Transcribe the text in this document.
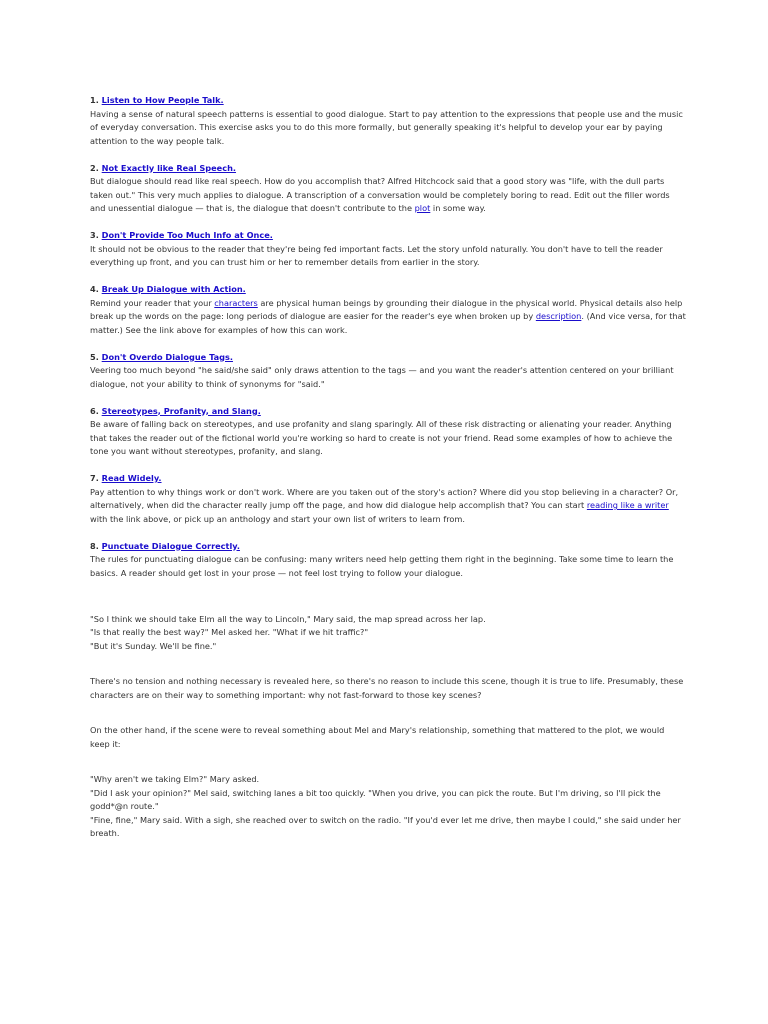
1. Listen to How People Talk.

Having a sense of natural speech patterns is essential to good dialogue. Start to pay attention to the expressions that people use and the music of everyday conversation. This exercise asks you to do this more formally, but generally speaking it's helpful to develop your ear by paying attention to the way people talk.

2. Not Exactly like Real Speech.

But dialogue should read like real speech. How do you accomplish that? Alfred Hitchcock said that a good story was "life, with the dull parts taken out." This very much applies to dialogue. A transcription of a conversation would be completely boring to read. Edit out the filler words and unessential dialogue — that is, the dialogue that doesn't contribute to the plot in some way.

3. Don't Provide Too Much Info at Once.

It should not be obvious to the reader that they're being fed important facts. Let the story unfold naturally. You don't have to tell the reader everything up front, and you can trust him or her to remember details from earlier in the story.

4. Break Up Dialogue with Action.

Remind your reader that your characters are physical human beings by grounding their dialogue in the physical world. Physical details also help break up the words on the page: long periods of dialogue are easier for the reader's eye when broken up by description. (And vice versa, for that matter.) See the link above for examples of how this can work.

5. Don't Overdo Dialogue Tags.

Veering too much beyond "he said/she said" only draws attention to the tags — and you want the reader's attention centered on your brilliant dialogue, not your ability to think of synonyms for "said."

6. Stereotypes, Profanity, and Slang.

Be aware of falling back on stereotypes, and use profanity and slang sparingly. All of these risk distracting or alienating your reader. Anything that takes the reader out of the fictional world you're working so hard to create is not your friend. Read some examples of how to achieve the tone you want without stereotypes, profanity, and slang.

7. Read Widely.

Pay attention to why things work or don't work. Where are you taken out of the story's action? Where did you stop believing in a character? Or, alternatively, when did the character really jump off the page, and how did dialogue help accomplish that? You can start reading like a writer with the link above, or pick up an anthology and start your own list of writers to learn from.

8. Punctuate Dialogue Correctly.

The rules for punctuating dialogue can be confusing: many writers need help getting them right in the beginning. Take some time to learn the basics. A reader should get lost in your prose — not feel lost trying to follow your dialogue.

"So I think we should take Elm all the way to Lincoln," Mary said, the map spread across her lap.

"Is that really the best way?" Mel asked her. "What if we hit traffic?"

"But it's Sunday. We'll be fine."

There's no tension and nothing necessary is revealed here, so there's no reason to include this scene, though it is true to life. Presumably, these characters are on their way to something important: why not fast-forward to those key scenes?

On the other hand, if the scene were to reveal something about Mel and Mary's relationship, something that mattered to the plot, we would keep it:

"Why aren't we taking Elm?" Mary asked.

"Did I ask your opinion?" Mel said, switching lanes a bit too quickly. "When you drive, you can pick the route. But I'm driving, so I'll pick the godd*@n route."

"Fine, fine," Mary said. With a sigh, she reached over to switch on the radio. "If you'd ever let me drive, then maybe I could," she said under her breath.
